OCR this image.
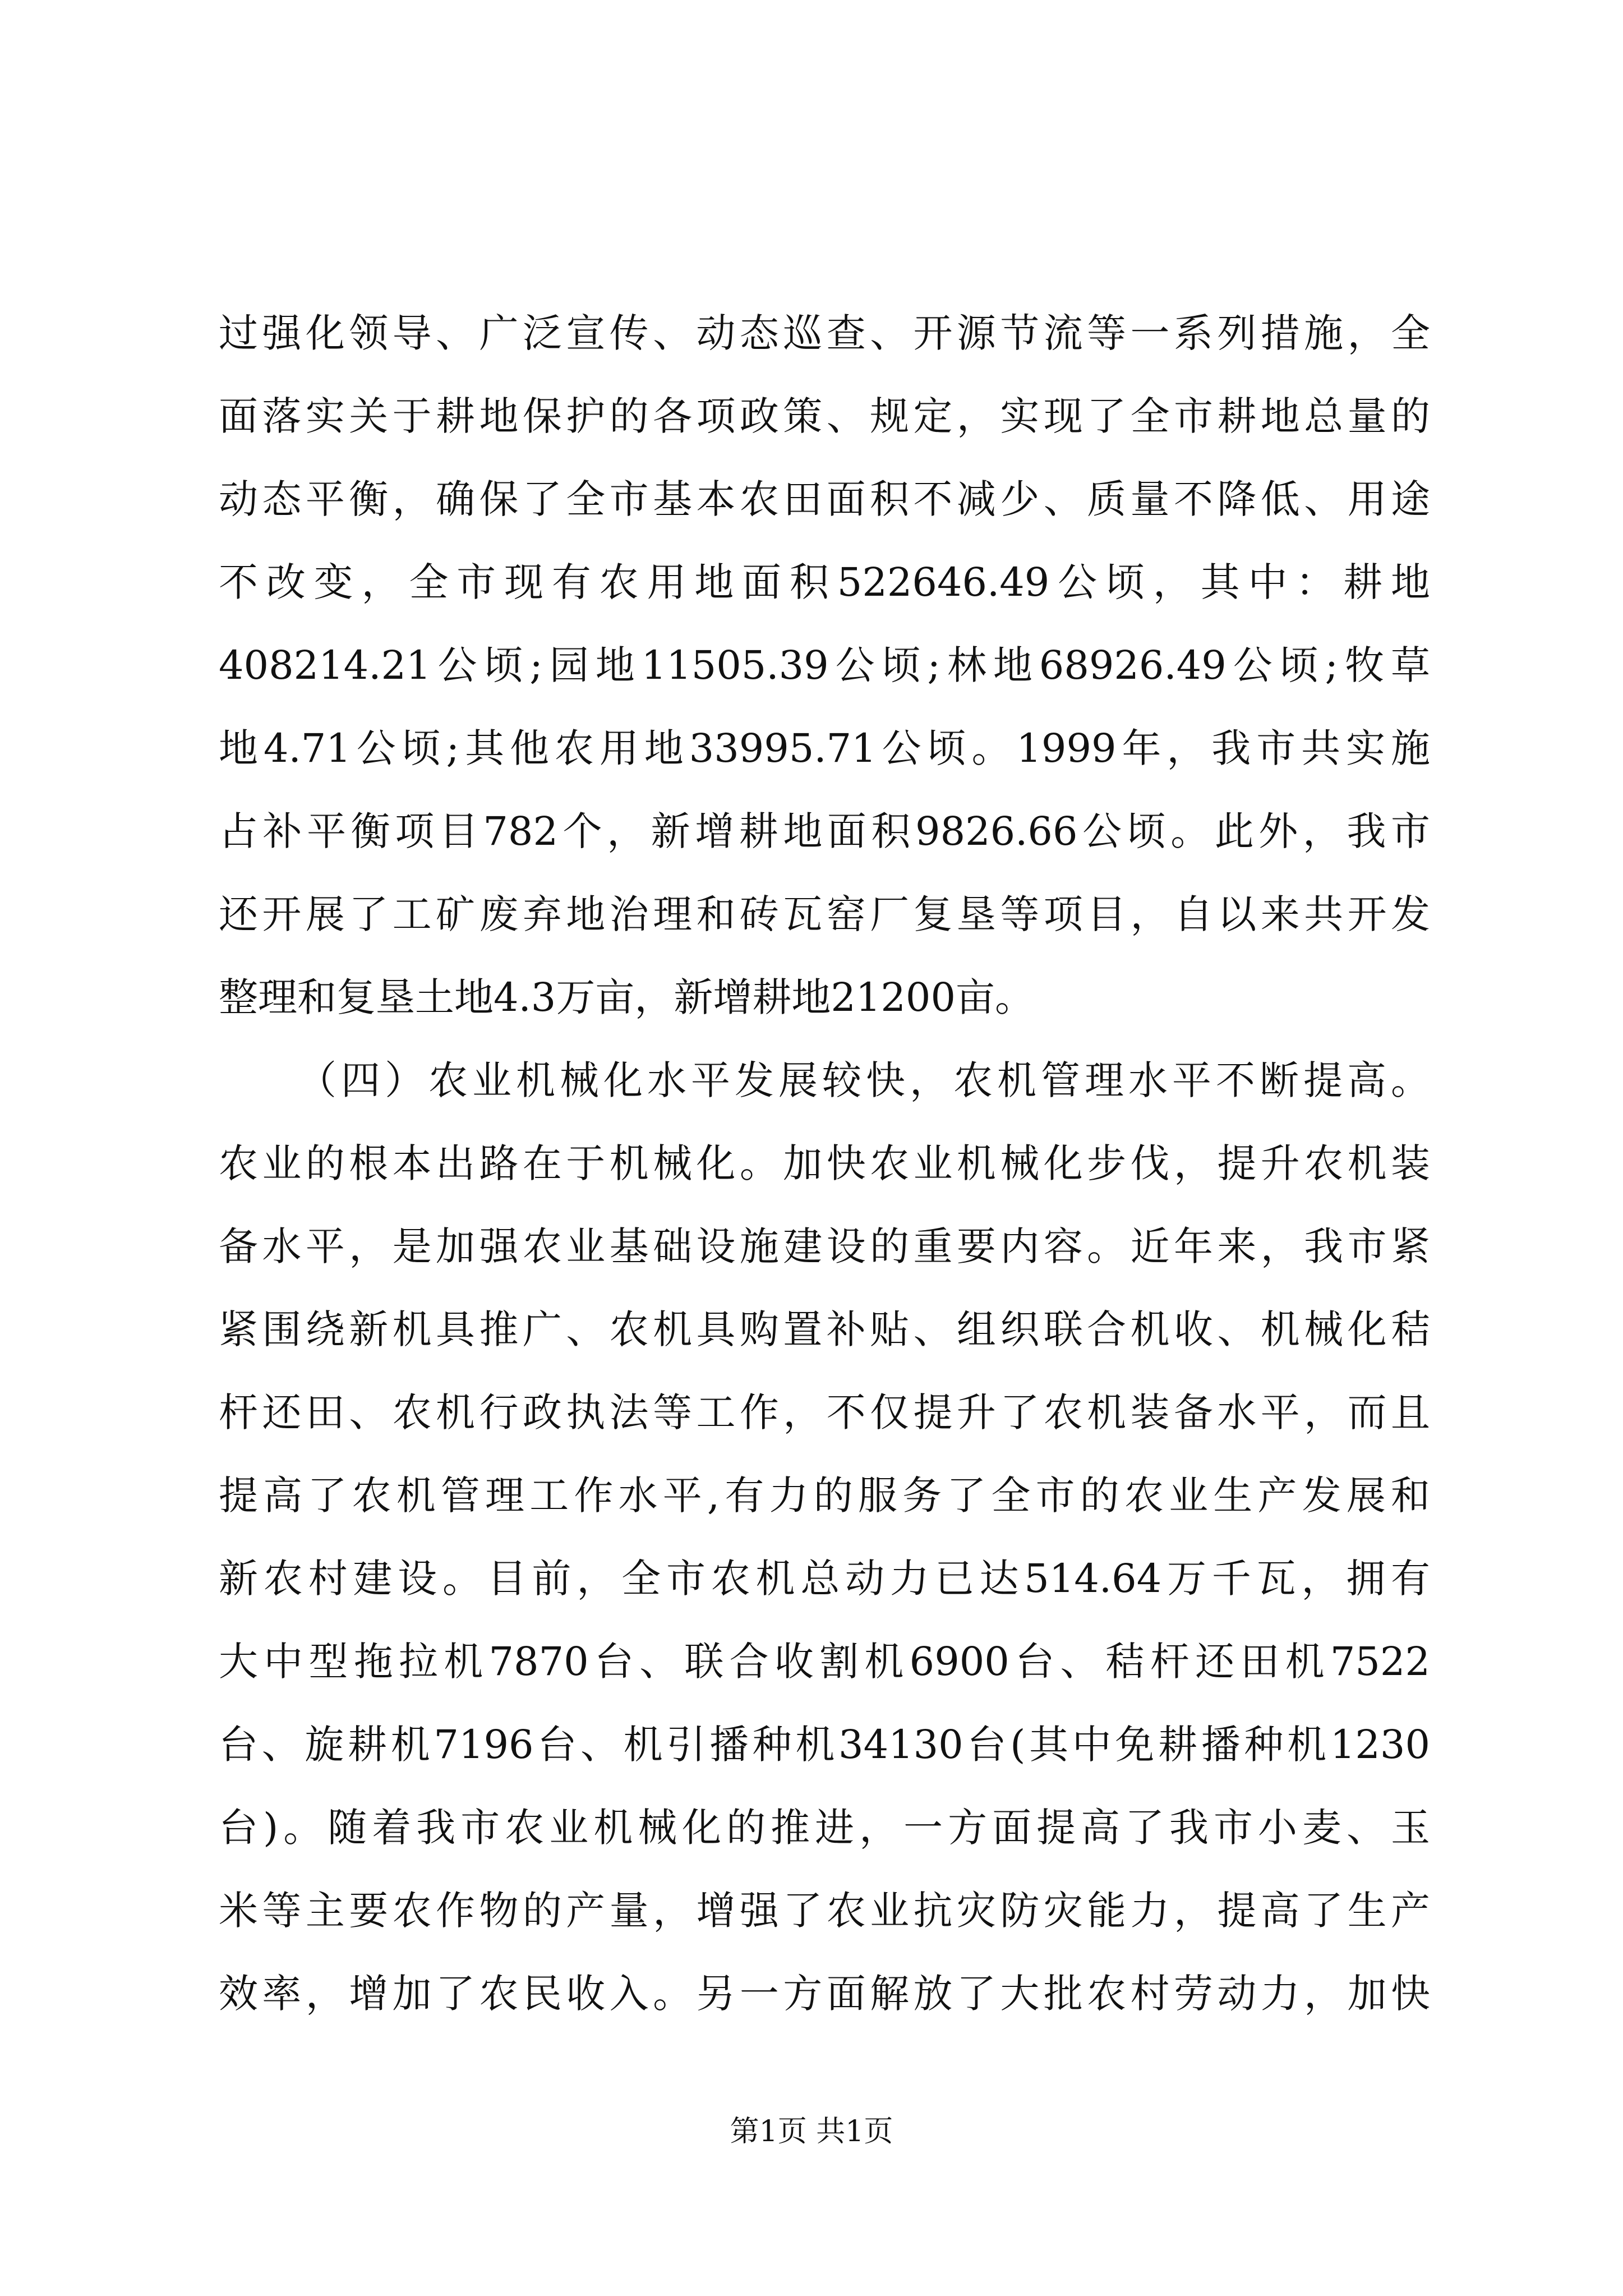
过强化领导、广泛宣传、动态巡查、开源节流等一系列措施，全
面落实关于耕地保护的各项政策、规定，实现了全市耕地总量的
动态平衡，确保了全市基本农田面积不减少、质量不降低、用途
不改变，全市现有农用地面积522646.49公顷，其中：耕地
408214.21公顷;园地11505.39公顷;林地68926.49公顷;牧草
地4.71公顷;其他农用地33995.71公顷。1999年，我市共实施
占补平衡项目782个，新增耕地面积9826.66公顷。此外，我市
还开展了工矿废弃地治理和砖瓦窑厂复垦等项目，自以来共开发
整理和复垦土地4.3万亩，新增耕地21200亩。
（四）农业机械化水平发展较快，农机管理水平不断提高。
农业的根本出路在于机械化。加快农业机械化步伐，提升农机装
备水平，是加强农业基础设施建设的重要内容。近年来，我市紧
紧围绕新机具推广、农机具购置补贴、组织联合机收、机械化秸
杆还田、农机行政执法等工作，不仅提升了农机装备水平，而且
提高了农机管理工作水平,有力的服务了全市的农业生产发展和
新农村建设。目前，全市农机总动力已达514.64万千瓦，拥有
大中型拖拉机7870台、联合收割机6900台、秸杆还田机7522
台、旋耕机7196台、机引播种机34130台(其中免耕播种机1230
台)。随着我市农业机械化的推进，一方面提高了我市小麦、玉
米等主要农作物的产量，增强了农业抗灾防灾能力，提高了生产
效率，增加了农民收入。另一方面解放了大批农村劳动力，加快
第1页 共1页
